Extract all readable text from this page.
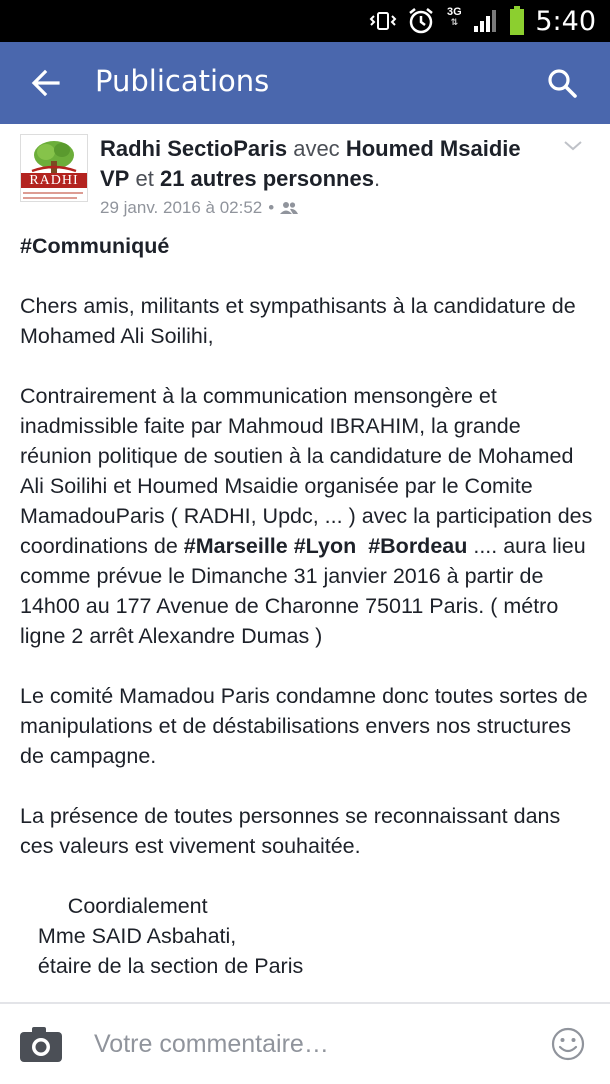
3G
⇅	5:40
Publications
RADHI
Radhi SectioParis avec Houmed Msaidie VP et 21 autres personnes.
29 janv. 2016 à 02:52 •

#Communiqué

Chers amis, militants et sympathisants à la candidature de Mohamed Ali Soilihi,

Contrairement à la communication mensongère et inadmissible faite par Mahmoud IBRAHIM, la grande réunion politique de soutien à la candidature de Mohamed Ali Soilihi et Houmed Msaidie organisée par le Comite MamadouParis ( RADHI, Updc, ... ) avec la participation des coordinations de #Marseille #Lyon #Bordeau .... aura lieu comme prévue le Dimanche 31 janvier 2016 à partir de 14h00 au 177 Avenue de Charonne 75011 Paris. ( métro ligne 2 arrêt Alexandre Dumas )

Le comité Mamadou Paris condamne donc toutes sortes de manipulations et de déstabilisations envers nos structures de campagne.

La présence de toutes personnes se reconnaissant dans ces valeurs est vivement souhaitée.

Coordialement
Mme SAID Asbahati,
étaire de la section de Paris
Votre commentaire…
